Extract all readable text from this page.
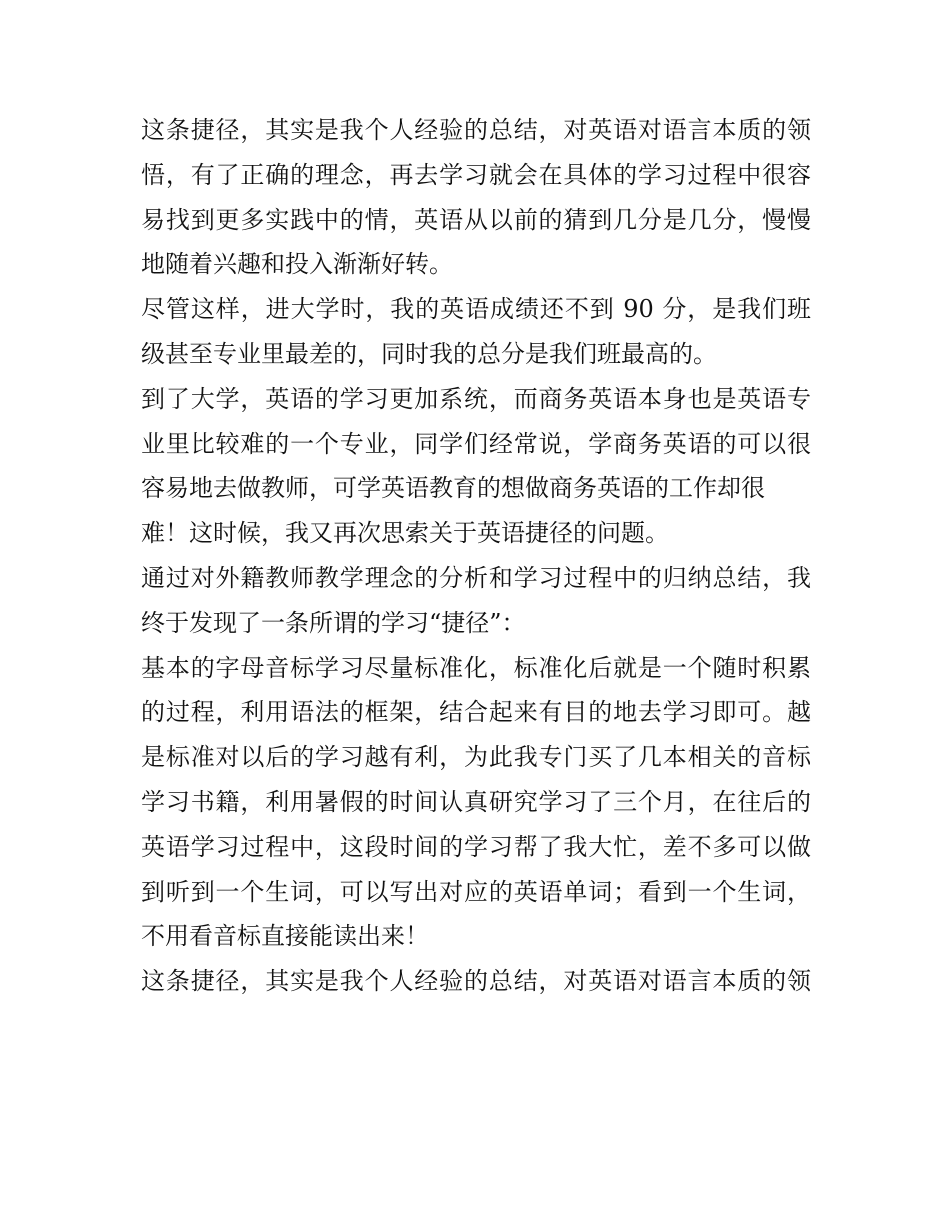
这条捷径，其实是我个人经验的总结，对英语对语言本质的领
悟，有了正确的理念，再去学习就会在具体的学习过程中很容
易找到更多实践中的情，英语从以前的猜到几分是几分，慢慢
地随着兴趣和投入渐渐好转。
尽管这样，进大学时，我的英语成绩还不到 90 分，是我们班
级甚至专业里最差的，同时我的总分是我们班最高的。
到了大学，英语的学习更加系统，而商务英语本身也是英语专
业里比较难的一个专业，同学们经常说，学商务英语的可以很
容易地去做教师，可学英语教育的想做商务英语的工作却很
难！这时候，我又再次思索关于英语捷径的问题。
通过对外籍教师教学理念的分析和学习过程中的归纳总结，我
终于发现了一条所谓的学习“捷径”：
基本的字母音标学习尽量标准化，标准化后就是一个随时积累
的过程，利用语法的框架，结合起来有目的地去学习即可。越
是标准对以后的学习越有利，为此我专门买了几本相关的音标
学习书籍，利用暑假的时间认真研究学习了三个月，在往后的
英语学习过程中，这段时间的学习帮了我大忙，差不多可以做
到听到一个生词，可以写出对应的英语单词；看到一个生词，
不用看音标直接能读出来！
这条捷径，其实是我个人经验的总结，对英语对语言本质的领
